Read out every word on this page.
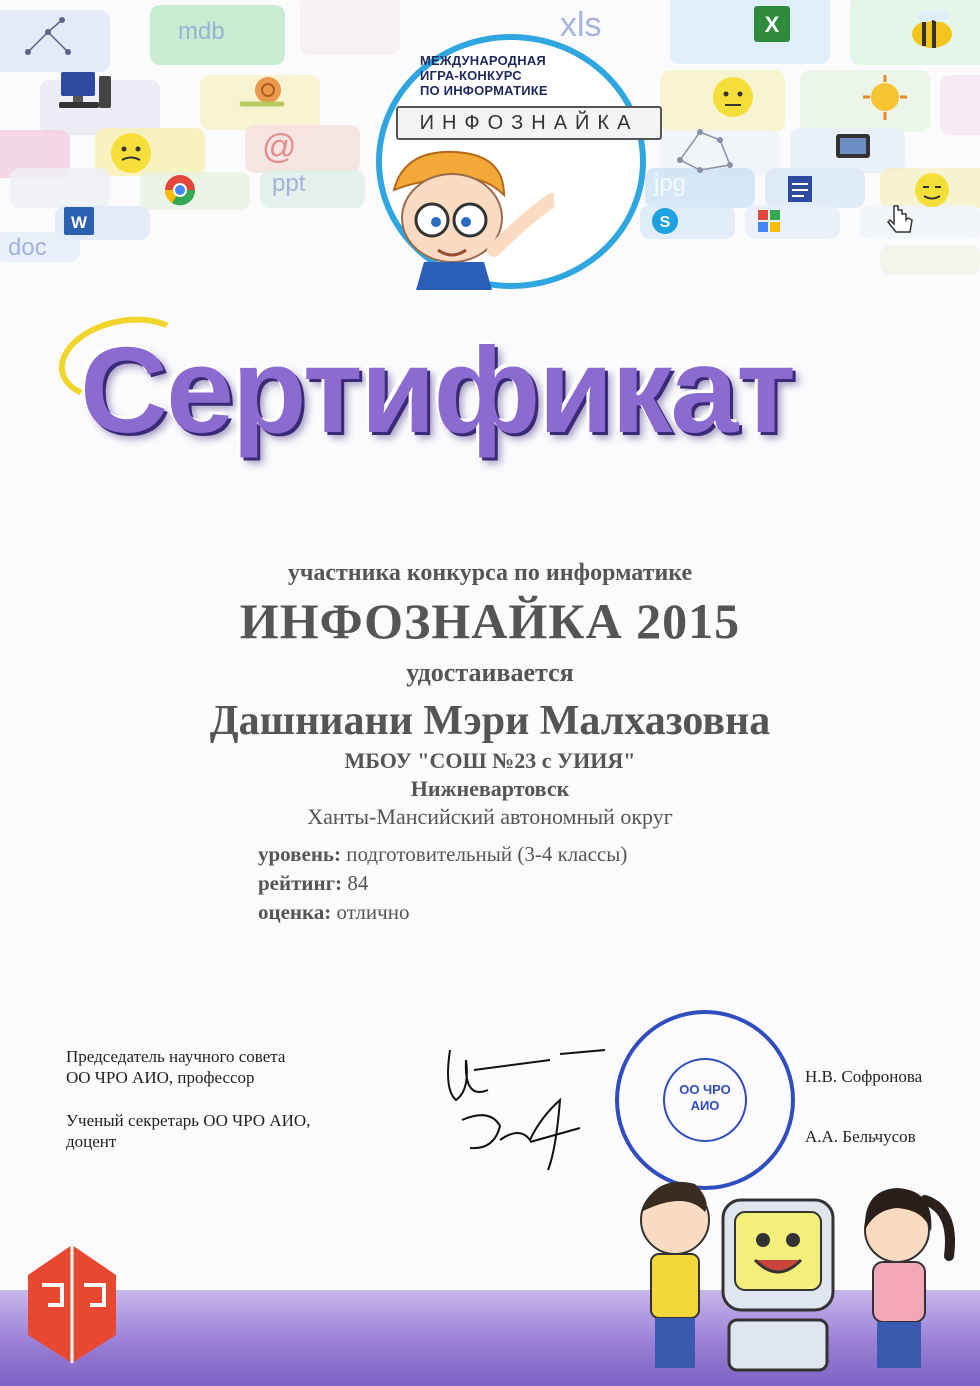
mdb	xls
@
ppt	jpg
doc
X
W	S
МЕЖДУНАРОДНАЯ
ИГРА-КОНКУРС
ПО ИНФОРМАТИКЕ
ИНФОЗНАЙКА
Сертификат
участника конкурса по информатике
ИНФОЗНАЙКА 2015
удостаивается
Дашниани Мэри Малхазовна
МБОУ "СОШ №23 с УИИЯ"
Нижневартовск
Ханты-Мансийский автономный округ
уровень: подготовительный (3-4 классы)
рейтинг: 84
оценка: отлично
Председатель научного совета
ОО ЧРО АИО, профессор
Ученый секретарь ОО ЧРО АИО,
доцент
Н.В. Софронова
А.А. Бельчусов
ОО ЧРО
АИО
